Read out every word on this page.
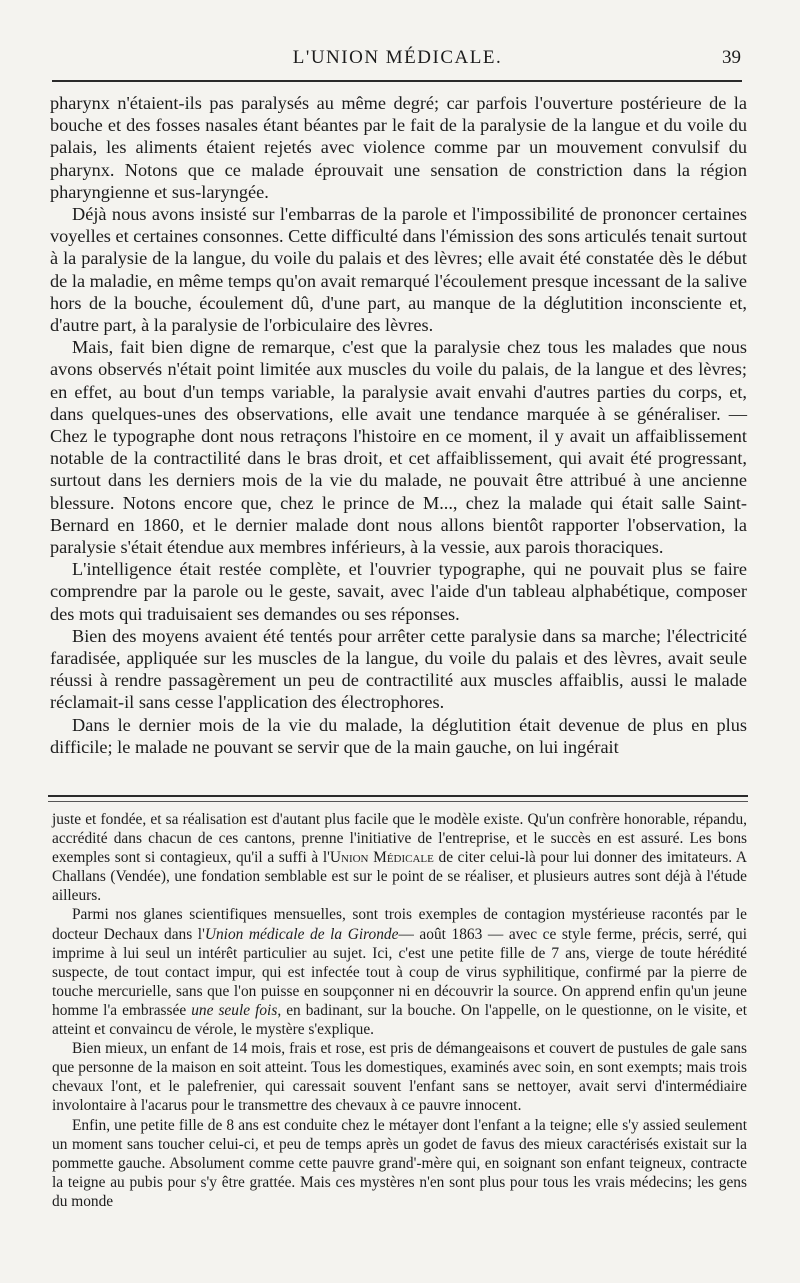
L'UNION MÉDICALE.	39

pharynx n'étaient-ils pas paralysés au même degré; car parfois l'ouverture postérieure de la bouche et des fosses nasales étant béantes par le fait de la paralysie de la langue et du voile du palais, les aliments étaient rejetés avec violence comme par un mouvement convulsif du pharynx. Notons que ce malade éprouvait une sensation de constriction dans la région pharyngienne et sus-laryngée.

Déjà nous avons insisté sur l'embarras de la parole et l'impossibilité de prononcer certaines voyelles et certaines consonnes. Cette difficulté dans l'émission des sons articulés tenait surtout à la paralysie de la langue, du voile du palais et des lèvres; elle avait été constatée dès le début de la maladie, en même temps qu'on avait remarqué l'écoulement presque incessant de la salive hors de la bouche, écoulement dû, d'une part, au manque de la déglutition inconsciente et, d'autre part, à la paralysie de l'orbiculaire des lèvres.

Mais, fait bien digne de remarque, c'est que la paralysie chez tous les malades que nous avons observés n'était point limitée aux muscles du voile du palais, de la langue et des lèvres; en effet, au bout d'un temps variable, la paralysie avait envahi d'autres parties du corps, et, dans quelques-unes des observations, elle avait une tendance marquée à se généraliser. — Chez le typographe dont nous retraçons l'histoire en ce moment, il y avait un affaiblissement notable de la contractilité dans le bras droit, et cet affaiblissement, qui avait été progressant, surtout dans les derniers mois de la vie du malade, ne pouvait être attribué à une ancienne blessure. Notons encore que, chez le prince de M..., chez la malade qui était salle Saint-Bernard en 1860, et le dernier malade dont nous allons bientôt rapporter l'observation, la paralysie s'était étendue aux membres inférieurs, à la vessie, aux parois thoraciques.

L'intelligence était restée complète, et l'ouvrier typographe, qui ne pouvait plus se faire comprendre par la parole ou le geste, savait, avec l'aide d'un tableau alphabétique, composer des mots qui traduisaient ses demandes ou ses réponses.

Bien des moyens avaient été tentés pour arrêter cette paralysie dans sa marche; l'électricité faradisée, appliquée sur les muscles de la langue, du voile du palais et des lèvres, avait seule réussi à rendre passagèrement un peu de contractilité aux muscles affaiblis, aussi le malade réclamait-il sans cesse l'application des électrophores.

Dans le dernier mois de la vie du malade, la déglutition était devenue de plus en plus difficile; le malade ne pouvant se servir que de la main gauche, on lui ingérait

juste et fondée, et sa réalisation est d'autant plus facile que le modèle existe. Qu'un confrère honorable, répandu, accrédité dans chacun de ces cantons, prenne l'initiative de l'entreprise, et le succès en est assuré. Les bons exemples sont si contagieux, qu'il a suffi à l'Union Médicale de citer celui-là pour lui donner des imitateurs. A Challans (Vendée), une fondation semblable est sur le point de se réaliser, et plusieurs autres sont déjà à l'étude ailleurs.

Parmi nos glanes scientifiques mensuelles, sont trois exemples de contagion mystérieuse racontés par le docteur Dechaux dans l'Union médicale de la Gironde— août 1863 — avec ce style ferme, précis, serré, qui imprime à lui seul un intérêt particulier au sujet. Ici, c'est une petite fille de 7 ans, vierge de toute hérédité suspecte, de tout contact impur, qui est infectée tout à coup de virus syphilitique, confirmé par la pierre de touche mercurielle, sans que l'on puisse en soupçonner ni en découvrir la source. On apprend enfin qu'un jeune homme l'a embrassée une seule fois, en badinant, sur la bouche. On l'appelle, on le questionne, on le visite, et atteint et convaincu de vérole, le mystère s'explique.

Bien mieux, un enfant de 14 mois, frais et rose, est pris de démangeaisons et couvert de pustules de gale sans que personne de la maison en soit atteint. Tous les domestiques, examinés avec soin, en sont exempts; mais trois chevaux l'ont, et le palefrenier, qui caressait souvent l'enfant sans se nettoyer, avait servi d'intermédiaire involontaire à l'acarus pour le transmettre des chevaux à ce pauvre innocent.

Enfin, une petite fille de 8 ans est conduite chez le métayer dont l'enfant a la teigne; elle s'y assied seulement un moment sans toucher celui-ci, et peu de temps après un godet de favus des mieux caractérisés existait sur la pommette gauche. Absolument comme cette pauvre grand'-mère qui, en soignant son enfant teigneux, contracte la teigne au pubis pour s'y être grattée. Mais ces mystères n'en sont plus pour tous les vrais médecins; les gens du monde
